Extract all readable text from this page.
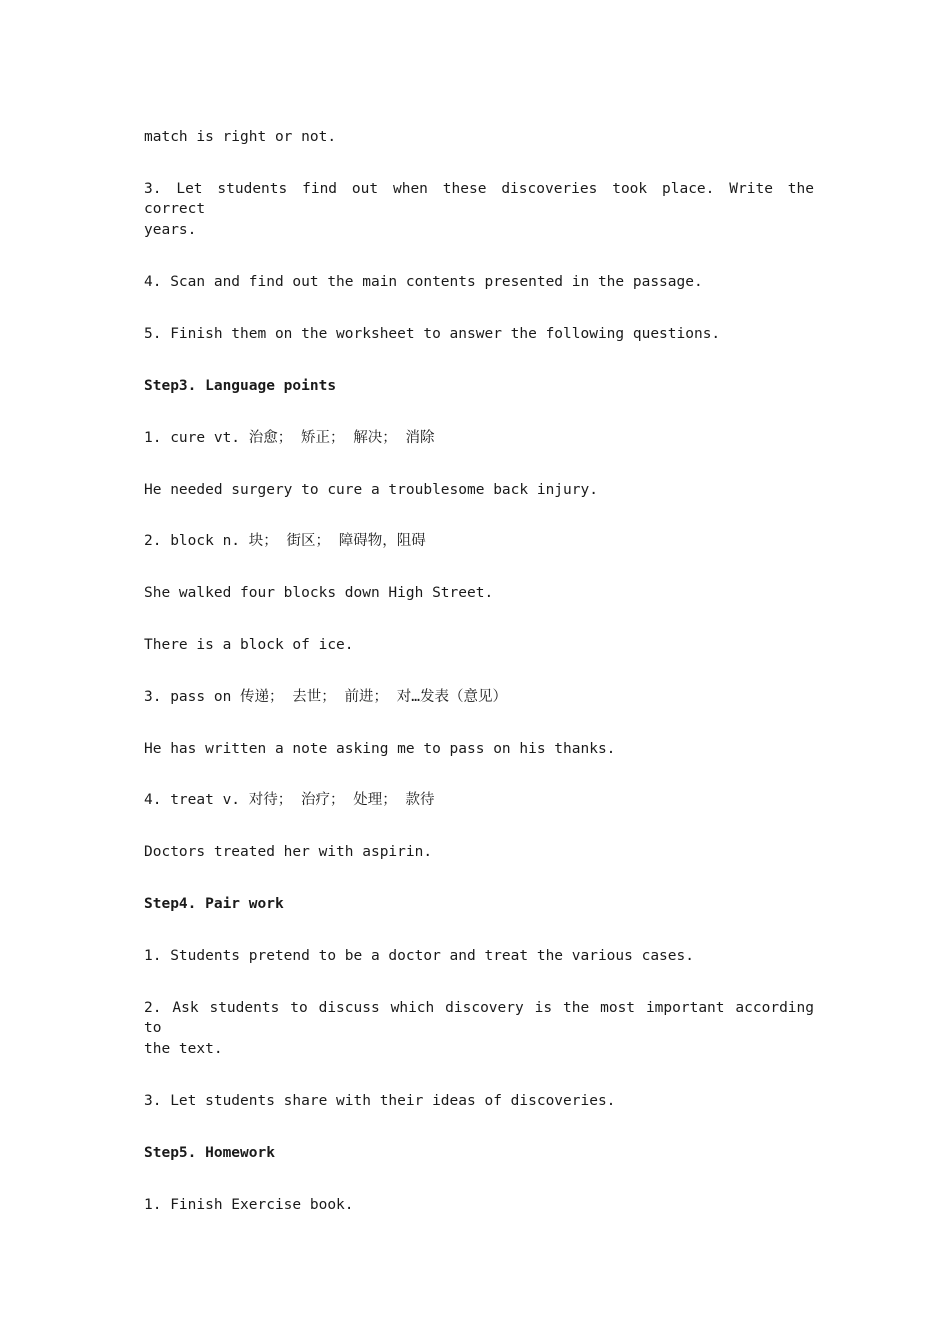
match is right or not.
3. Let students find out when these discoveries took place. Write the correct
years.
4. Scan and find out the main contents presented in the passage.
5. Finish them on the worksheet to answer the following questions.
Step3. Language points
1. cure vt. 治愈； 矫正； 解决； 消除
He needed surgery to cure a troublesome back injury.
2. block n. 块； 街区； 障碍物，阻碍
She walked four blocks down High Street.
There is a block of ice.
3. pass on 传递； 去世； 前进； 对…发表（意见）
He has written a note asking me to pass on his thanks.
4. treat v. 对待； 治疗； 处理； 款待
Doctors treated her with aspirin.
Step4. Pair work
1. Students pretend to be a doctor and treat the various cases.
2. Ask students to discuss which discovery is the most important according to
the text.
3. Let students share with their ideas of discoveries.
Step5. Homework
1. Finish Exercise book.
